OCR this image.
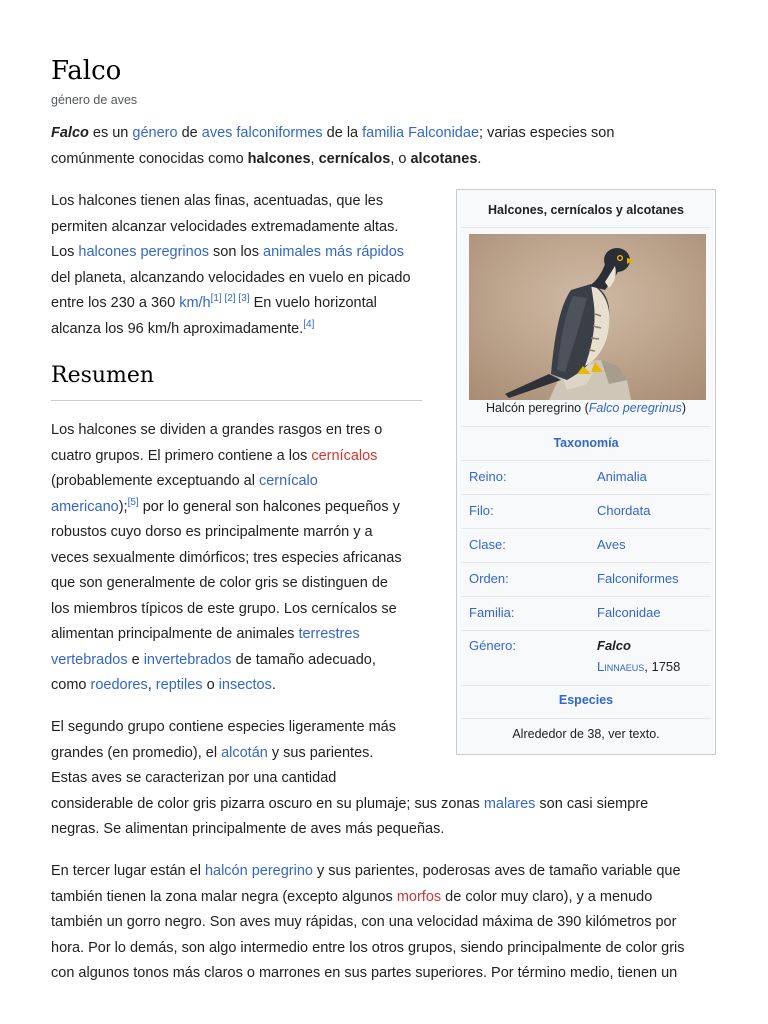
Falco
género de aves

Falco es un género de aves falconiformes de la familia Falconidae; varias especies son
comúnmente conocidas como halcones, cernícalos, o alcotanes.

Los halcones tienen alas finas, acentuadas, que les
permiten alcanzar velocidades extremadamente altas.
Los halcones peregrinos son los animales más rápidos
del planeta, alcanzando velocidades en vuelo en picado
entre los 230 a 360 km/h[1] [2] [3] En vuelo horizontal
alcanza los 96 km/h aproximadamente.[4]

Resumen

Los halcones se dividen a grandes rasgos en tres o
cuatro grupos. El primero contiene a los cernícalos
(probablemente exceptuando al cernícalo
americano);[5] por lo general son halcones pequeños y
robustos cuyo dorso es principalmente marrón y a
veces sexualmente dimórficos; tres especies africanas
que son generalmente de color gris se distinguen de
los miembros típicos de este grupo. Los cernícalos se
alimentan principalmente de animales terrestres
vertebrados e invertebrados de tamaño adecuado,
como roedores, reptiles o insectos.

El segundo grupo contiene especies ligeramente más
grandes (en promedio), el alcotán y sus parientes.
Estas aves se caracterizan por una cantidad
considerable de color gris pizarra oscuro en su plumaje; sus zonas malares son casi siempre
negras. Se alimentan principalmente de aves más pequeñas.

En tercer lugar están el halcón peregrino y sus parientes, poderosas aves de tamaño variable que
también tienen la zona malar negra (excepto algunos morfos de color muy claro), y a menudo
también un gorro negro. Son aves muy rápidas, con una velocidad máxima de 390 kilómetros por
hora. Por lo demás, son algo intermedio entre los otros grupos, siendo principalmente de color gris
con algunos tonos más claros o marrones en sus partes superiores. Por término medio, tienen un

Halcones, cernícalos y alcotanes
Halcón peregrino (Falco peregrinus)
Taxonomía
Reino:	Animalia
Filo:	Chordata
Clase:	Aves
Orden:	Falconiformes
Familia:	Falconidae
Género:	Falco
Linnaeus, 1758
Especies
Alrededor de 38, ver texto.
